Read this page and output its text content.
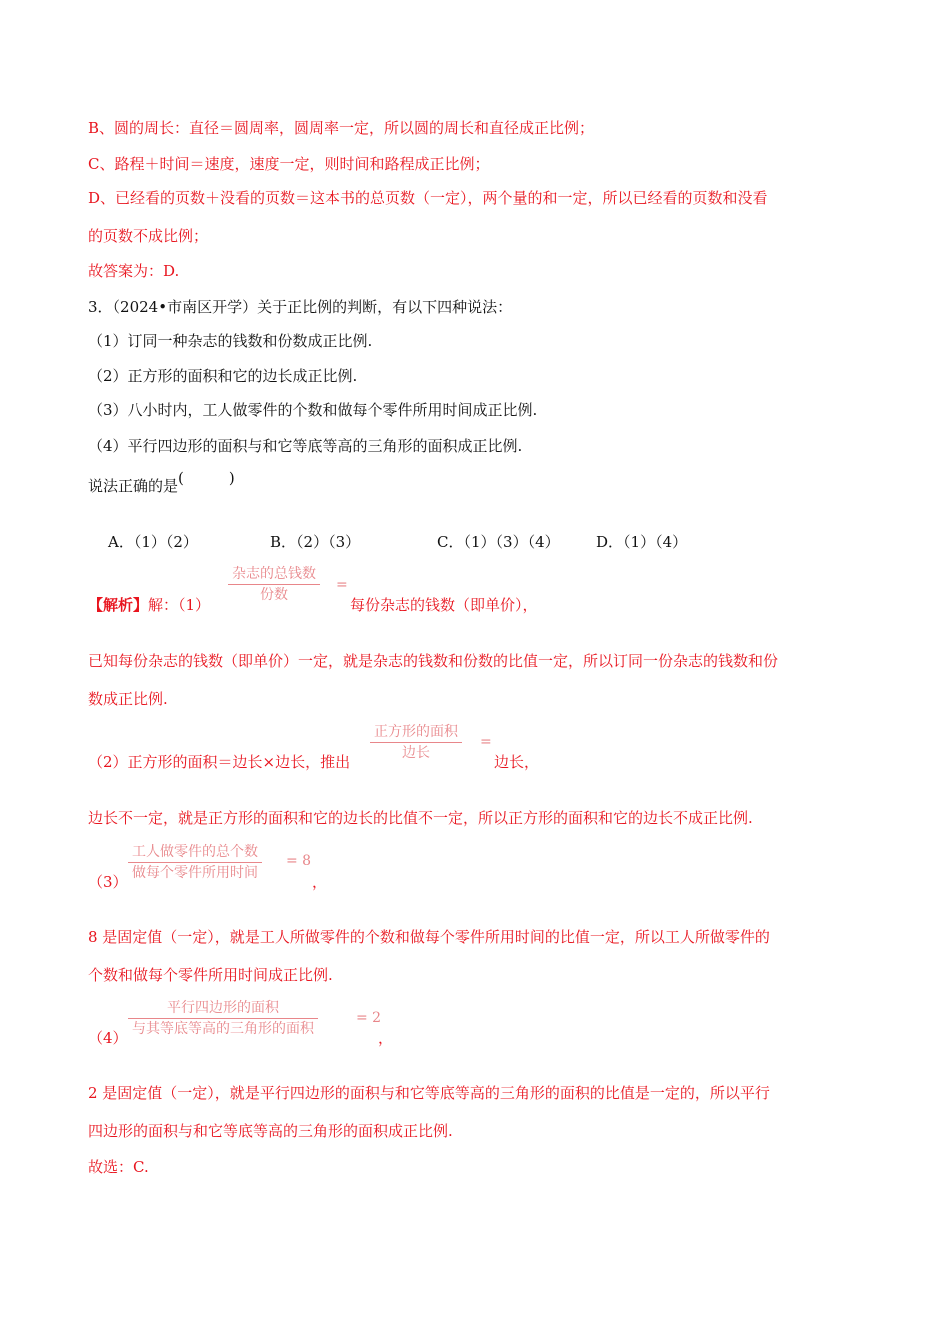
B、圆的周长：直径＝圆周率，圆周率一定，所以圆的周长和直径成正比例；
C、路程＋时间＝速度，速度一定，则时间和路程成正比例；
D、已经看的页数＋没看的页数＝这本书的总页数（一定），两个量的和一定，所以已经看的页数和没看
的页数不成比例；
故答案为：D.
3．（2024•市南区开学）关于正比例的判断，有以下四种说法：
（1）订同一种杂志的钱数和份数成正比例.
（2）正方形的面积和它的边长成正比例.
（3）八小时内，工人做零件的个数和做每个零件所用时间成正比例.
（4）平行四边形的面积与和它等底等高的三角形的面积成正比例.
说法正确的是(　　　)
A．（1）（2）	B．（2）（3）	C．（1）（3）（4） D．（1）（4）
【解析】解：（1）
杂志的总钱数
份数
=
每份杂志的钱数（即单价），
已知每份杂志的钱数（即单价）一定，就是杂志的钱数和份数的比值一定，所以订同一份杂志的钱数和份
数成正比例.
（2）正方形的面积＝边长×边长，推出
正方形的面积
边长
=
边长，
边长不一定，就是正方形的面积和它的边长的比值不一定，所以正方形的面积和它的边长不成正比例.
（3）
工人做零件的总个数
做每个零件所用时间
= 8
，
8 是固定值（一定），就是工人所做零件的个数和做每个零件所用时间的比值一定，所以工人所做零件的
个数和做每个零件所用时间成正比例.
（4）
平行四边形的面积
与其等底等高的三角形的面积
= 2
，
2 是固定值（一定），就是平行四边形的面积与和它等底等高的三角形的面积的比值是一定的，所以平行
四边形的面积与和它等底等高的三角形的面积成正比例.
故选：C.
